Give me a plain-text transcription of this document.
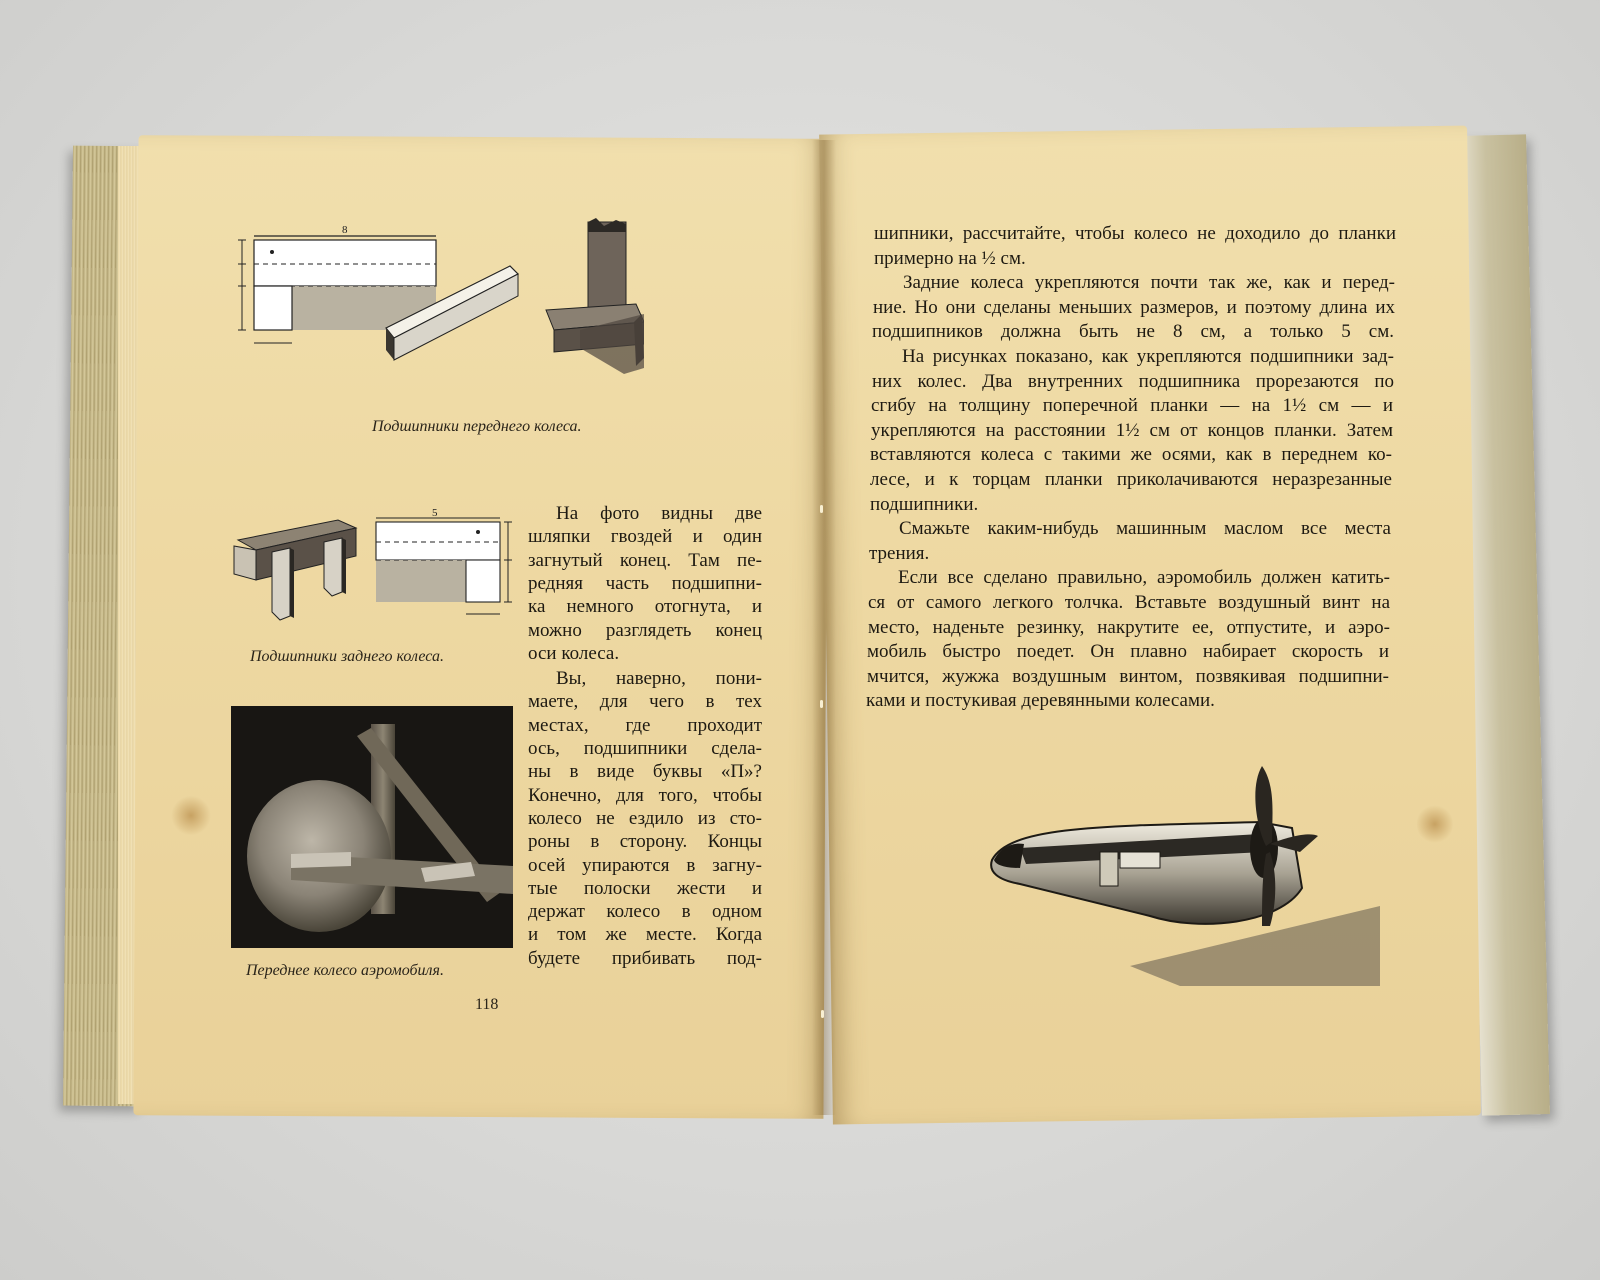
8
Подшипники переднего колеса.
5
Подшипники заднего колеса.
Переднее колесо аэромобиля.
На фото видны две
шляпки гвоздей и один
загнутый конец. Там пе-
редняя часть подшипни-
ка немного отогнута, и
можно разглядеть конец
оси колеса.
Вы, наверно, пони-
маете, для чего в тех
местах, где проходит
ось, подшипники сдела-
ны в виде буквы «П»?
Конечно, для того, чтобы
колесо не ездило из сто-
роны в сторону. Концы
осей упираются в загну-
тые полоски жести и
держат колесо в одном
и том же месте. Когда
будете прибивать под-
118
шипники, рассчитайте, чтобы колесо не доходило до планки
примерно на ½ см.
Задние колеса укрепляются почти так же, как и перед-
ние. Но они сделаны меньших размеров, и поэтому длина их
подшипников должна быть не 8 см, а только 5 см.
На рисунках показано, как укрепляются подшипники зад-
них колес. Два внутренних подшипника прорезаются по
сгибу на толщину поперечной планки — на 1½ см — и
укрепляются на расстоянии 1½ см от концов планки. Затем
вставляются колеса с такими же осями, как в переднем ко-
лесе, и к торцам планки приколачиваются неразрезанные
подшипники.
Смажьте каким-нибудь машинным маслом все места
трения.
Если все сделано правильно, аэромобиль должен катить-
ся от самого легкого толчка. Вставьте воздушный винт на
место, наденьте резинку, накрутите ее, отпустите, и аэро-
мобиль быстро поедет. Он плавно набирает скорость и
мчится, жужжа воздушным винтом, позвякивая подшипни-
ками и постукивая деревянными колесами.
